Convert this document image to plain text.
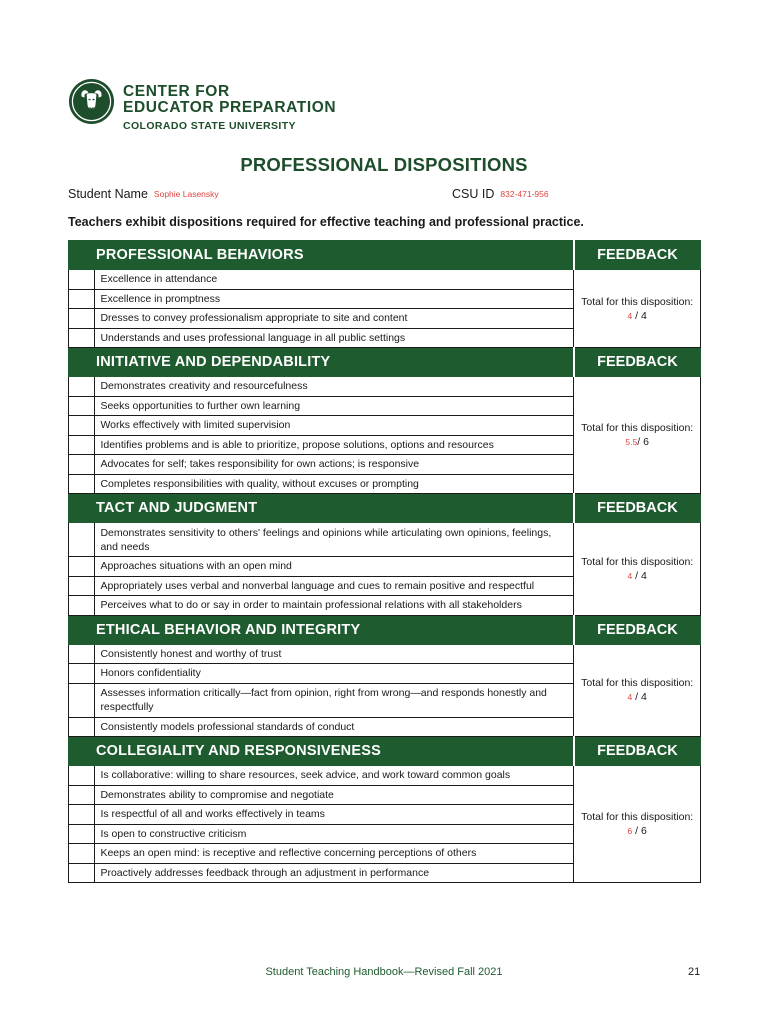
CENTER FOR
EDUCATOR PREPARATION
COLORADO STATE UNIVERSITY
PROFESSIONAL DISPOSITIONS
Student Name Sophie Lasensky	CSU ID 832-471-956
Teachers exhibit dispositions required for effective teaching and professional practice.
PROFESSIONAL BEHAVIORS		FEEDBACK
	Excellence in attendance	Total for this disposition:
4 / 4

	Excellence in promptness	
	Dresses to convey professionalism appropriate to site and content	
	Understands and uses professional language in all public settings	
INITIATIVE AND DEPENDABILITY		FEEDBACK
	Demonstrates creativity and resourcefulness	Total for this disposition:
5.5/ 6

	Seeks opportunities to further own learning	
	Works effectively with limited supervision	
	Identifies problems and is able to prioritize, propose solutions, options and resources	
	Advocates for self; takes responsibility for own actions; is responsive	
	Completes responsibilities with quality, without excuses or prompting	
TACT AND JUDGMENT		FEEDBACK
	Demonstrates sensitivity to others' feelings and opinions while articulating own opinions, feelings, and needs	Total for this disposition:
4 / 4

	Approaches situations with an open mind	
	Appropriately uses verbal and nonverbal language and cues to remain positive and respectful	
	Perceives what to do or say in order to maintain professional relations with all stakeholders	
ETHICAL BEHAVIOR AND INTEGRITY		FEEDBACK
	Consistently honest and worthy of trust	Total for this disposition:
4 / 4

	Honors confidentiality	
	Assesses information critically—fact from opinion, right from wrong—and responds honestly and respectfully	
	Consistently models professional standards of conduct	
COLLEGIALITY AND RESPONSIVENESS		FEEDBACK
	Is collaborative: willing to share resources, seek advice, and work toward common goals	Total for this disposition:
6 / 6

	Demonstrates ability to compromise and negotiate	
	Is respectful of all and works effectively in teams	
	Is open to constructive criticism	
	Keeps an open mind: is receptive and reflective concerning perceptions of others	
	Proactively addresses feedback through an adjustment in performance	
Student Teaching Handbook—Revised Fall 2021	21
